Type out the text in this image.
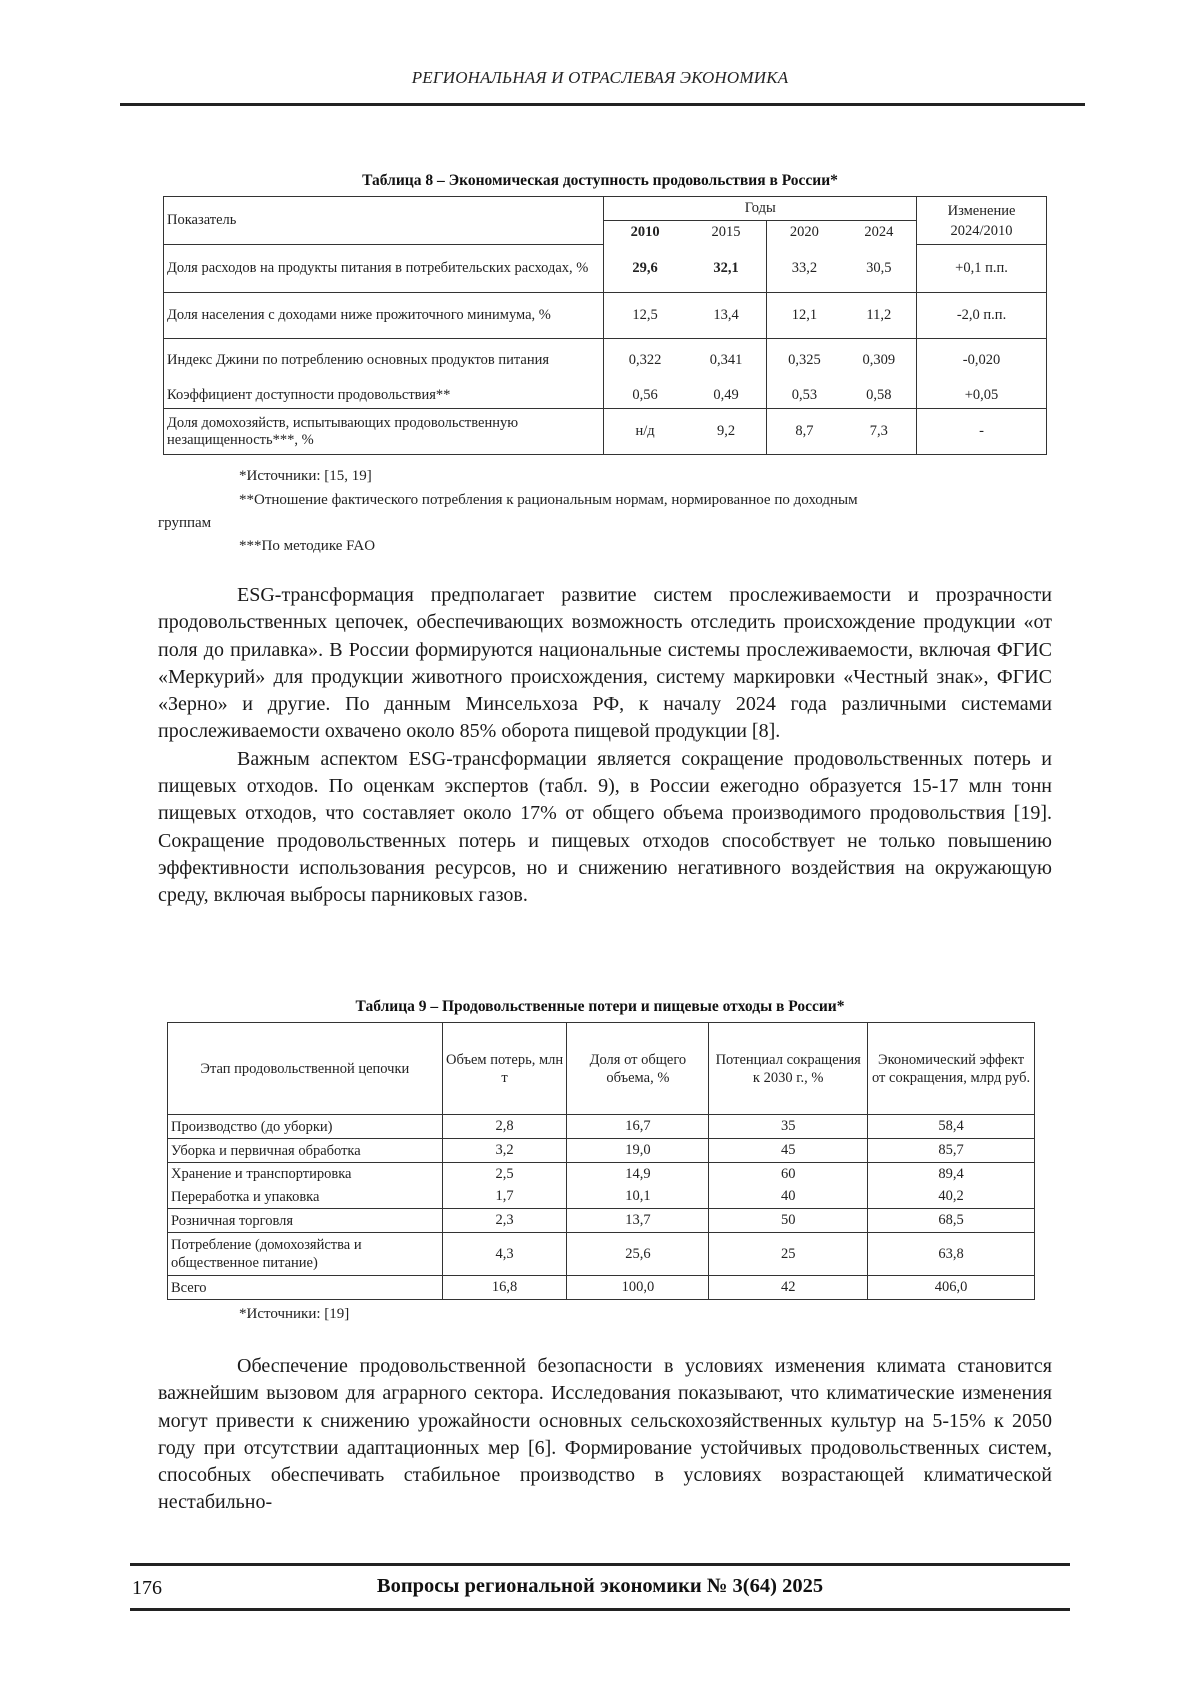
РЕГИОНАЛЬНАЯ И ОТРАСЛЕВАЯ ЭКОНОМИКА
Таблица 8 – Экономическая доступность продовольствия в России*
Показатель	Годы				Изменение 2024/2010
	2010	2015	2020	2024	
Доля расходов на продукты питания в потребительских расходах, %	29,6	32,1	33,2	30,5	+0,1 п.п.
Доля населения с доходами ниже прожиточного минимума, %	12,5	13,4	12,1	11,2	-2,0 п.п.
Индекс Джини по потреблению основных продуктов питания	0,322	0,341	0,325	0,309	-0,020
Коэффициент доступности продовольствия**	0,56	0,49	0,53	0,58	+0,05
Доля домохозяйств, испытывающих продовольственную незащищенность***, %	н/д	9,2	8,7	7,3	-
*Источники: [15, 19]
**Отношение фактического потребления к рациональным нормам, нормированное по доходным
группам
***По методике FAO

ESG-трансформация предполагает развитие систем прослеживаемости и прозрачности продовольственных цепочек, обеспечивающих возможность отследить происхождение продукции «от поля до прилавка». В России формируются национальные системы прослеживаемости, включая ФГИС «Меркурий» для продукции животного происхождения, систему маркировки «Честный знак», ФГИС «Зерно» и другие. По данным Минсельхоза РФ, к началу 2024 года различными системами прослеживаемости охвачено около 85% оборота пищевой продукции [8].

Важным аспектом ESG-трансформации является сокращение продовольственных потерь и пищевых отходов. По оценкам экспертов (табл. 9), в России ежегодно образуется 15-17 млн тонн пищевых отходов, что составляет около 17% от общего объема производимого продовольствия [19]. Сокращение продовольственных потерь и пищевых отходов способствует не только повышению эффективности использования ресурсов, но и снижению негативного воздействия на окружающую среду, включая выбросы парниковых газов.

Таблица 9 – Продовольственные потери и пищевые отходы в России*
Этап продовольственной цепочки	Объем потерь, млн т	Доля от общего объема, %	Потенциал сокращения к 2030 г., %	Экономический эффект от сокращения, млрд руб.
Производство (до уборки)	2,8	16,7	35	58,4
Уборка и первичная обработка	3,2	19,0	45	85,7
Хранение и транспортировка	2,5	14,9	60	89,4
Переработка и упаковка	1,7	10,1	40	40,2
Розничная торговля	2,3	13,7	50	68,5
Потребление (домохозяйства и общественное питание)	4,3	25,6	25	63,8
Всего	16,8	100,0	42	406,0
*Источники: [19]

Обеспечение продовольственной безопасности в условиях изменения климата становится важнейшим вызовом для аграрного сектора. Исследования показывают, что климатические изменения могут привести к снижению урожайности основных сельскохозяйственных культур на 5-15% к 2050 году при отсутствии адаптационных мер [6]. Формирование устойчивых продовольственных систем, способных обеспечивать стабильное производство в условиях возрастающей климатической нестабильно-

176	Вопросы региональной экономики № 3(64) 2025
